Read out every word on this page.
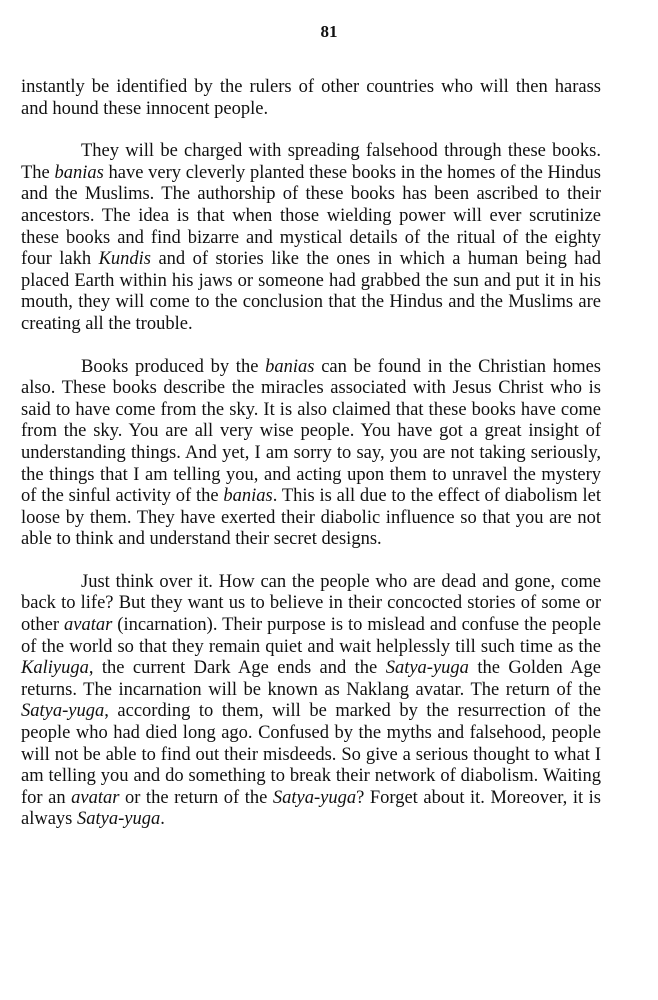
81

instantly be identified by the rulers of other countries who will then harass and hound these innocent people.

They will be charged with spreading falsehood through these books. The banias have very cleverly planted these books in the homes of the Hindus and the Muslims. The authorship of these books has been ascribed to their ancestors. The idea is that when those wielding power will ever scrutinize these books and find bizarre and mystical details of the ritual of the eighty four lakh Kundis and of stories like the ones in which a human being had placed Earth within his jaws or someone had grabbed the sun and put it in his mouth, they will come to the conclusion that the Hindus and the Muslims are creating all the trouble.

Books produced by the banias can be found in the Christian homes also. These books describe the miracles associated with Jesus Christ who is said to have come from the sky. It is also claimed that these books have come from the sky. You are all very wise people. You have got a great insight of understanding things. And yet, I am sorry to say, you are not taking seriously, the things that I am telling you, and acting upon them to unravel the mystery of the sinful activity of the banias. This is all due to the effect of diabolism let loose by them. They have exerted their diabolic influence so that you are not able to think and understand their secret designs.

Just think over it. How can the people who are dead and gone, come back to life? But they want us to believe in their concocted stories of some or other avatar (incarnation). Their purpose is to mislead and confuse the people of the world so that they remain quiet and wait helplessly till such time as the Kaliyuga, the current Dark Age ends and the Satya-yuga the Golden Age returns. The incarnation will be known as Naklang avatar. The return of the Satya-yuga, according to them, will be marked by the resurrection of the people who had died long ago. Confused by the myths and falsehood, people will not be able to find out their misdeeds. So give a serious thought to what I am telling you and do something to break their network of diabolism. Waiting for an avatar or the return of the Satya-yuga? Forget about it. Moreover, it is always Satya-yuga.
